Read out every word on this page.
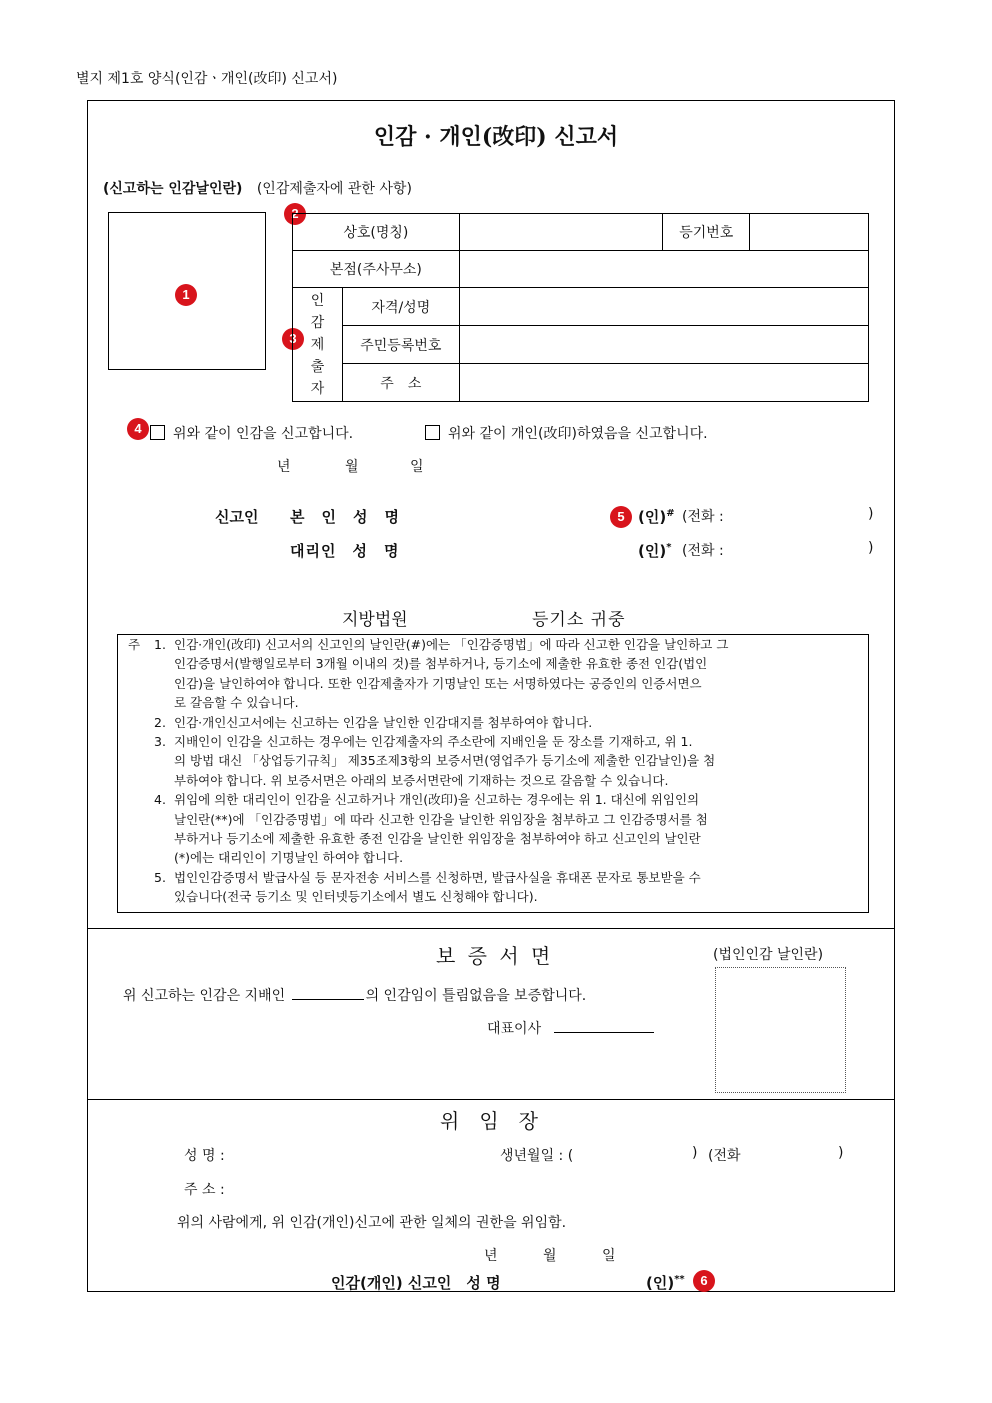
별지 제1호 양식(인감ㆍ개인(改印) 신고서)
인감 · 개인(改印) 신고서
(신고하는 인감날인란) (인감제출자에 관한 사항)
1
2
3
상호(명칭)			등기번호	
본점(주사무소)				

인
감
제
출
자	자격/성명			
	주민등록번호			
	주　소			
4	위와 같이 인감을 신고합니다.	위와 같이 개인(改印)하였음을 신고합니다.
년	월	일
신고인 본　인　성　명	5 (인)# (전화 :	)
대리인　성　명	(인)* (전화 :	)
지방법원	등기소 귀중
주	1. 인감·개인(改印) 신고서의 신고인의 날인란(#)에는 「인감증명법」에 따라 신고한 인감을 날인하고 그
인감증명서(발행일로부터 3개월 이내의 것)를 첨부하거나, 등기소에 제출한 유효한 종전 인감(법인
인감)을 날인하여야 합니다. 또한 인감제출자가 기명날인 또는 서명하였다는 공증인의 인증서면으
로 갈음할 수 있습니다.
2. 인감·개인신고서에는 신고하는 인감을 날인한 인감대지를 첨부하여야 합니다.
3. 지배인이 인감을 신고하는 경우에는 인감제출자의 주소란에 지배인을 둔 장소를 기재하고, 위 1.
의 방법 대신 「상업등기규칙」 제35조제3항의 보증서면(영업주가 등기소에 제출한 인감날인)을 첨
부하여야 합니다. 위 보증서면은 아래의 보증서면란에 기재하는 것으로 갈음할 수 있습니다.
4. 위임에 의한 대리인이 인감을 신고하거나 개인(改印)을 신고하는 경우에는 위 1. 대신에 위임인의
날인란(**)에 「인감증명법」에 따라 신고한 인감을 날인한 위임장을 첨부하고 그 인감증명서를 첨
부하거나 등기소에 제출한 유효한 종전 인감을 날인한 위임장을 첨부하여야 하고 신고인의 날인란
(*)에는 대리인이 기명날인 하여야 합니다.
5. 법인인감증명서 발급사실 등 문자전송 서비스를 신청하면, 발급사실을 휴대폰 문자로 통보받을 수
있습니다(전국 등기소 및 인터넷등기소에서 별도 신청해야 합니다).
보 증 서 면	(법인인감 날인란)
위 신고하는 인감은 지배인	의 인감임이 틀림없음을 보증합니다.
대표이사
위　임　장
성 명 :	생년월일 : (	) (전화	)
주 소 :
위의 사람에게, 위 인감(개인)신고에 관한 일체의 권한을 위임함.
년	월	일
인감(개인) 신고인　성 명	(인)**	6
